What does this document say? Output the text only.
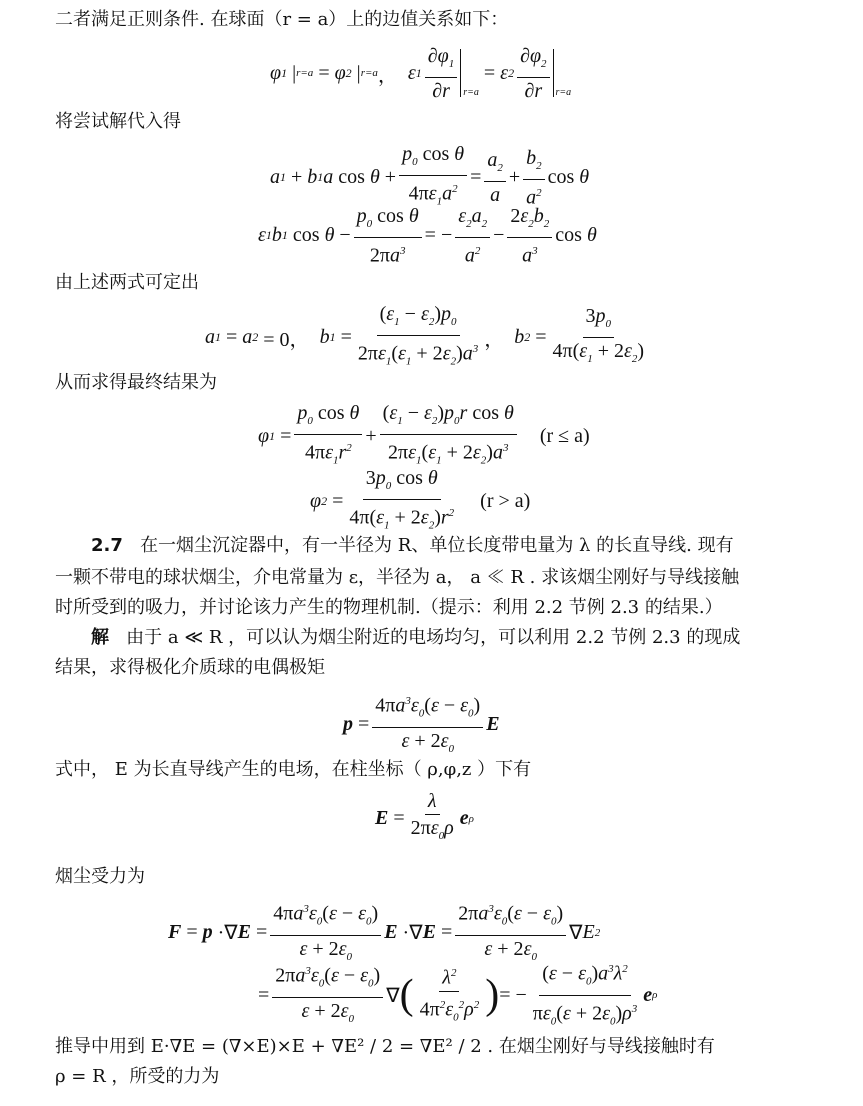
二者满足正则条件. 在球面（r = a）上的边值关系如下：
φ 1 | r=a = φ 2 | r=a ， ε $1 \frac{\partial\varphi_1}{\partial r} _{r=a}$
= ε $2 \frac{\partial\varphi_2}{\partial r} _{r=a}$
将尝试解代入得
a 1 + b 1 a $\cos \theta + \frac{p_0 \cos \theta}{4\pi\varepsilon_1a^2} = \frac{a_2}{a} + \frac{b_2}{a^2}$ cos θ
ε 1 b 1 $\cos \theta - \frac{p_0 \cos \theta}{2\pi a^3}$ = − $\frac{\varepsilon_2a_2}{a^2} - \frac{2\varepsilon_2b_2}{a^3}$ cos θ
由上述两式可定出
a 1 = a 2 = 0， b $1 = \frac{(\varepsilon_1 - \varepsilon_2)p_0}{2\pi\varepsilon_1(\varepsilon_1 + 2\varepsilon_2)a^3}$ ， b $2 = \frac{3p_0}{4\pi(\varepsilon_1 + 2\varepsilon_2)}$
从而求得最终结果为
φ $1 = \frac{p_0 \cos \theta}{4\pi\varepsilon_1r^2} + \frac{(\varepsilon_1 - \varepsilon_2)p_0r \cos \theta}{2\pi\varepsilon_1(\varepsilon_1 + 2\varepsilon_2)a^3} (r \le a)$
φ $2 = \frac{3p_0 \cos \theta}{4\pi(\varepsilon_1 + 2\varepsilon_2)r^2} (r > a)$
2.7 在一烟尘沉淀器中，有一半径为 R、单位长度带电量为 λ 的长直导线. 现有
一颗不带电的球状烟尘，介电常量为 ε，半径为 a， a ≪ R . 求该烟尘刚好与导线接触
时所受到的吸力，并讨论该力产生的物理机制.（提示：利用 2.2 节例 2.3 的结果.）
解 由于 a ≪ R ，可以认为烟尘附近的电场均匀，可以利用 2.2 节例 2.3 的现成
结果，求得极化介质球的电偶极矩
$p = \frac{4\pi a^3\varepsilon_0(\varepsilon - \varepsilon_0)}{\varepsilon + 2\varepsilon_0}$ E
式中， E 为长直导线产生的电场，在柱坐标（ ρ,φ,z ）下有
$E = \frac{\lambda}{2\pi\varepsilon_0\rho}$ e ρ
烟尘受力为
F = p ·∇ $E = \frac{4\pi a^3\varepsilon_0(\varepsilon - \varepsilon_0)}{\varepsilon + 2\varepsilon_0}$ E ·∇ $E = \frac{2\pi a^3\varepsilon_0(\varepsilon - \varepsilon_0)}{\varepsilon + 2\varepsilon_0}$ ∇ E 2
= $\frac{2\pi a^3\varepsilon_0(\varepsilon - \varepsilon_0)}{\varepsilon + 2\varepsilon_0}$ ∇ ( $\frac{\lambda^2}{4\pi^2\varepsilon_0^2\rho^2}$ ) = − $\frac{(\varepsilon - \varepsilon_0)a^3\lambda^2}{\pi\varepsilon_0(\varepsilon + 2\varepsilon_0)\rho^3}$ e ρ
推导中用到 E·∇E = (∇×E)×E + ∇E² / 2 = ∇E² / 2 . 在烟尘刚好与导线接触时有
ρ = R ，所受的力为
